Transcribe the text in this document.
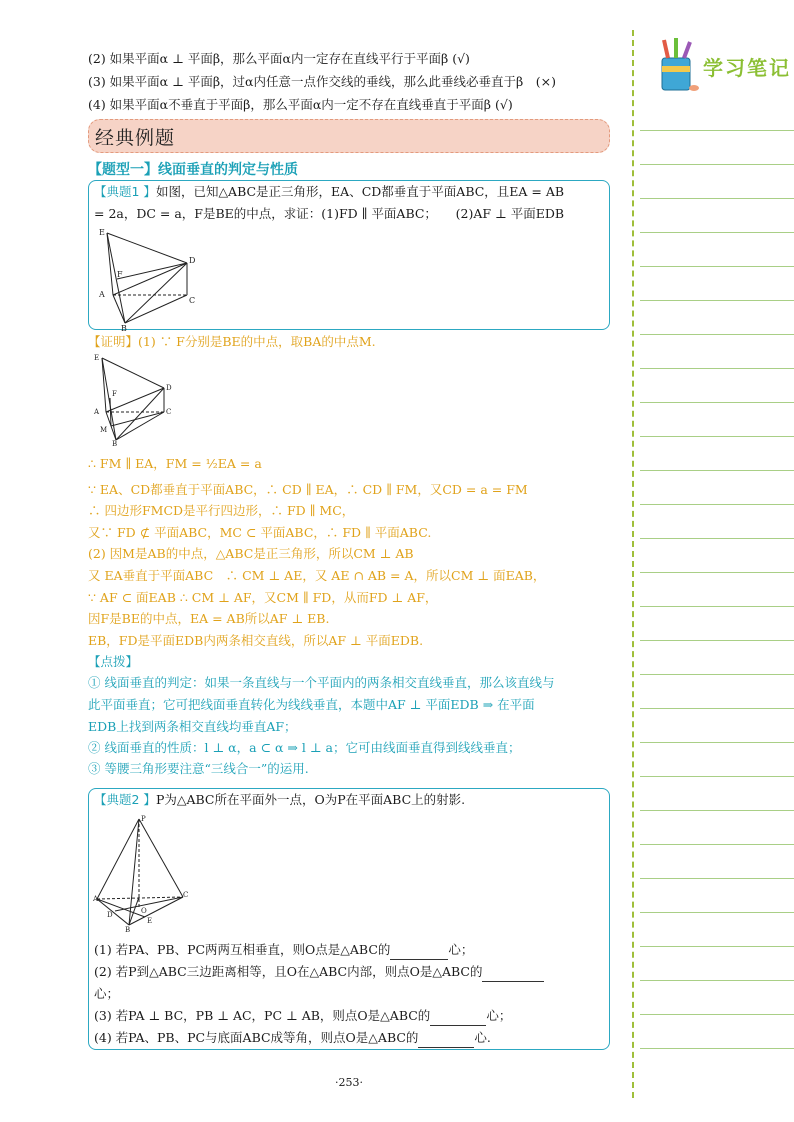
(2) 如果平面α ⊥ 平面β，那么平面α内一定存在直线平行于平面β (√)
(3) 如果平面α ⊥ 平面β，过α内任意一点作交线的垂线，那么此垂线必垂直于β　(×)
(4) 如果平面α不垂直于平面β，那么平面α内一定不存在直线垂直于平面β (√)
经典例题
【题型一】线面垂直的判定与性质
【典题1 】如图，已知△ABC是正三角形，EA、CD都垂直于平面ABC，且EA = AB
= 2a，DC = a，F是BE的中点，求证：(1)FD ∥ 平面ABC；　　(2)AF ⊥ 平面EDB
E
A
B
C
D
F
【证明】(1) ∵ F分别是BE的中点，取BA的中点M.
E
A
B
C
D
F
M
∴ FM ∥ EA，FM = ½EA = a
∵ EA、CD都垂直于平面ABC，∴ CD ∥ EA，∴ CD ∥ FM，又CD = a = FM
∴ 四边形FMCD是平行四边形，∴ FD ∥ MC，
又∵ FD ⊄ 平面ABC，MC ⊂ 平面ABC，∴ FD ∥ 平面ABC.
(2) 因M是AB的中点，△ABC是正三角形，所以CM ⊥ AB
又 EA垂直于平面ABC　∴ CM ⊥ AE，又 AE ∩ AB = A，所以CM ⊥ 面EAB，
∵ AF ⊂ 面EAB ∴ CM ⊥ AF，又CM ∥ FD，从而FD ⊥ AF，
因F是BE的中点，EA = AB所以AF ⊥ EB.
EB，FD是平面EDB内两条相交直线，所以AF ⊥ 平面EDB.
【点拨】
① 线面垂直的判定：如果一条直线与一个平面内的两条相交直线垂直，那么该直线与
此平面垂直；它可把线面垂直转化为线线垂直，本题中AF ⊥ 平面EDB ⇒ 在平面
EDB上找到两条相交直线均垂直AF；
② 线面垂直的性质：l ⊥ α，a ⊂ α ⇒ l ⊥ a；它可由线面垂直得到线线垂直；
③ 等腰三角形要注意“三线合一”的运用.
【典题2 】P为△ABC所在平面外一点，O为P在平面ABC上的射影.
P
A
B
C
O
D
E
(1) 若PA、PB、PC两两互相垂直，则O点是△ABC的	心；
(2) 若P到△ABC三边距离相等，且O在△ABC内部，则点O是△ABC的
心；
(3) 若PA ⊥ BC，PB ⊥ AC，PC ⊥ AB，则点O是△ABC的	心；
(4) 若PA、PB、PC与底面ABC成等角，则点O是△ABC的	心.
·253·
学习笔记
